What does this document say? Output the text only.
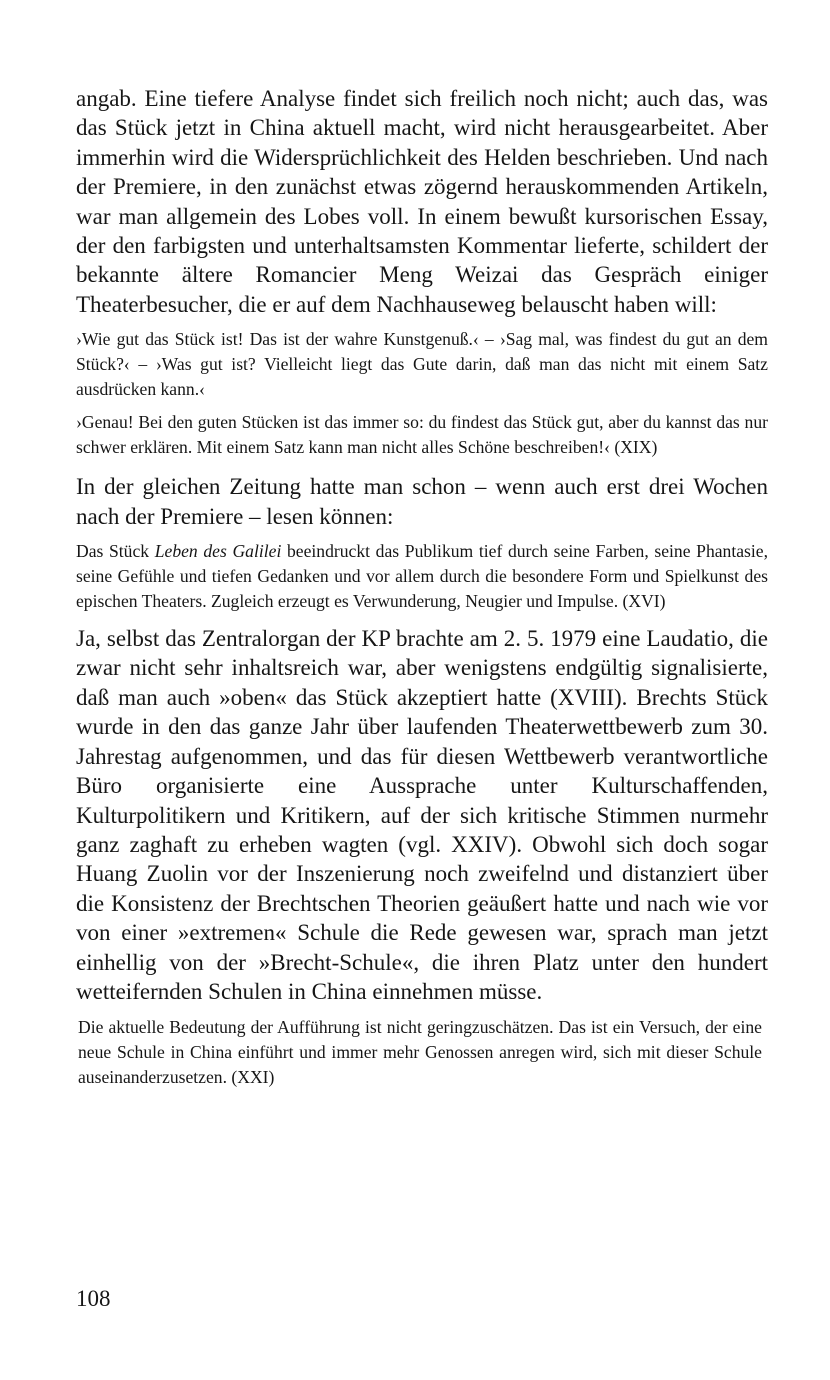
angab. Eine tiefere Analyse findet sich freilich noch nicht; auch das, was das Stück jetzt in China aktuell macht, wird nicht herausgearbeitet. Aber immerhin wird die Widersprüchlichkeit des Helden beschrieben. Und nach der Premiere, in den zunächst etwas zögernd herauskommenden Artikeln, war man allgemein des Lobes voll. In einem bewußt kursorischen Essay, der den farbigsten und unterhaltsamsten Kommentar lieferte, schildert der bekannte ältere Romancier Meng Weizai das Gespräch einiger Theaterbesucher, die er auf dem Nachhauseweg belauscht haben will:

›Wie gut das Stück ist! Das ist der wahre Kunstgenuß.‹ – ›Sag mal, was findest du gut an dem Stück?‹ – ›Was gut ist? Vielleicht liegt das Gute darin, daß man das nicht mit einem Satz ausdrücken kann.‹

›Genau! Bei den guten Stücken ist das immer so: du findest das Stück gut, aber du kannst das nur schwer erklären. Mit einem Satz kann man nicht alles Schöne beschreiben!‹ (XIX)

In der gleichen Zeitung hatte man schon – wenn auch erst drei Wochen nach der Premiere – lesen können:

Das Stück Leben des Galilei beeindruckt das Publikum tief durch seine Farben, seine Phantasie, seine Gefühle und tiefen Gedanken und vor allem durch die besondere Form und Spielkunst des epischen Theaters. Zugleich erzeugt es Verwunderung, Neugier und Impulse. (XVI)

Ja, selbst das Zentralorgan der KP brachte am 2. 5. 1979 eine Laudatio, die zwar nicht sehr inhaltsreich war, aber wenigstens endgültig signalisierte, daß man auch »oben« das Stück akzeptiert hatte (XVIII). Brechts Stück wurde in den das ganze Jahr über laufenden Theaterwettbewerb zum 30. Jahrestag aufgenommen, und das für diesen Wettbewerb verantwortliche Büro organisierte eine Aussprache unter Kulturschaffenden, Kulturpolitikern und Kritikern, auf der sich kritische Stimmen nurmehr ganz zaghaft zu erheben wagten (vgl. XXIV). Obwohl sich doch sogar Huang Zuolin vor der Inszenierung noch zweifelnd und distanziert über die Konsistenz der Brechtschen Theorien geäußert hatte und nach wie vor von einer »extremen« Schule die Rede gewesen war, sprach man jetzt einhellig von der »Brecht-Schule«, die ihren Platz unter den hundert wetteifernden Schulen in China einnehmen müsse.

Die aktuelle Bedeutung der Aufführung ist nicht geringzuschätzen. Das ist ein Versuch, der eine neue Schule in China einführt und immer mehr Genossen anregen wird, sich mit dieser Schule auseinanderzusetzen. (XXI)

108
